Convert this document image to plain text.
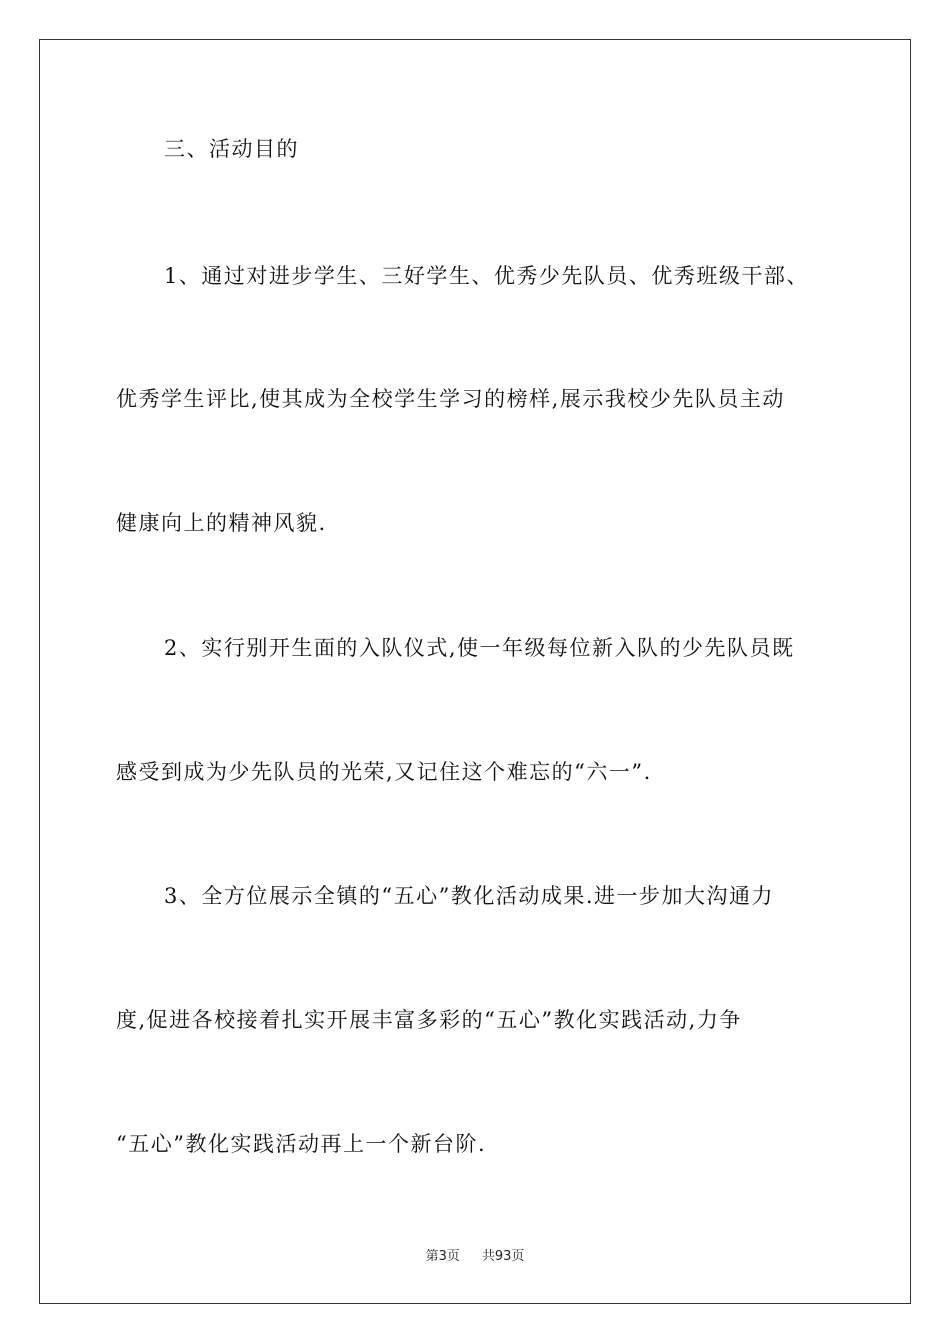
三、活动目的
1、通过对进步学生、三好学生、优秀少先队员、优秀班级干部、
优秀学生评比,使其成为全校学生学习的榜样,展示我校少先队员主动
健康向上的精神风貌.
2、实行别开生面的入队仪式,使一年级每位新入队的少先队员既
感受到成为少先队员的光荣,又记住这个难忘的“六一”.
3、全方位展示全镇的“五心”教化活动成果.进一步加大沟通力
度,促进各校接着扎实开展丰富多彩的“五心”教化实践活动,力争
“五心”教化实践活动再上一个新台阶.
第3页 共93页
